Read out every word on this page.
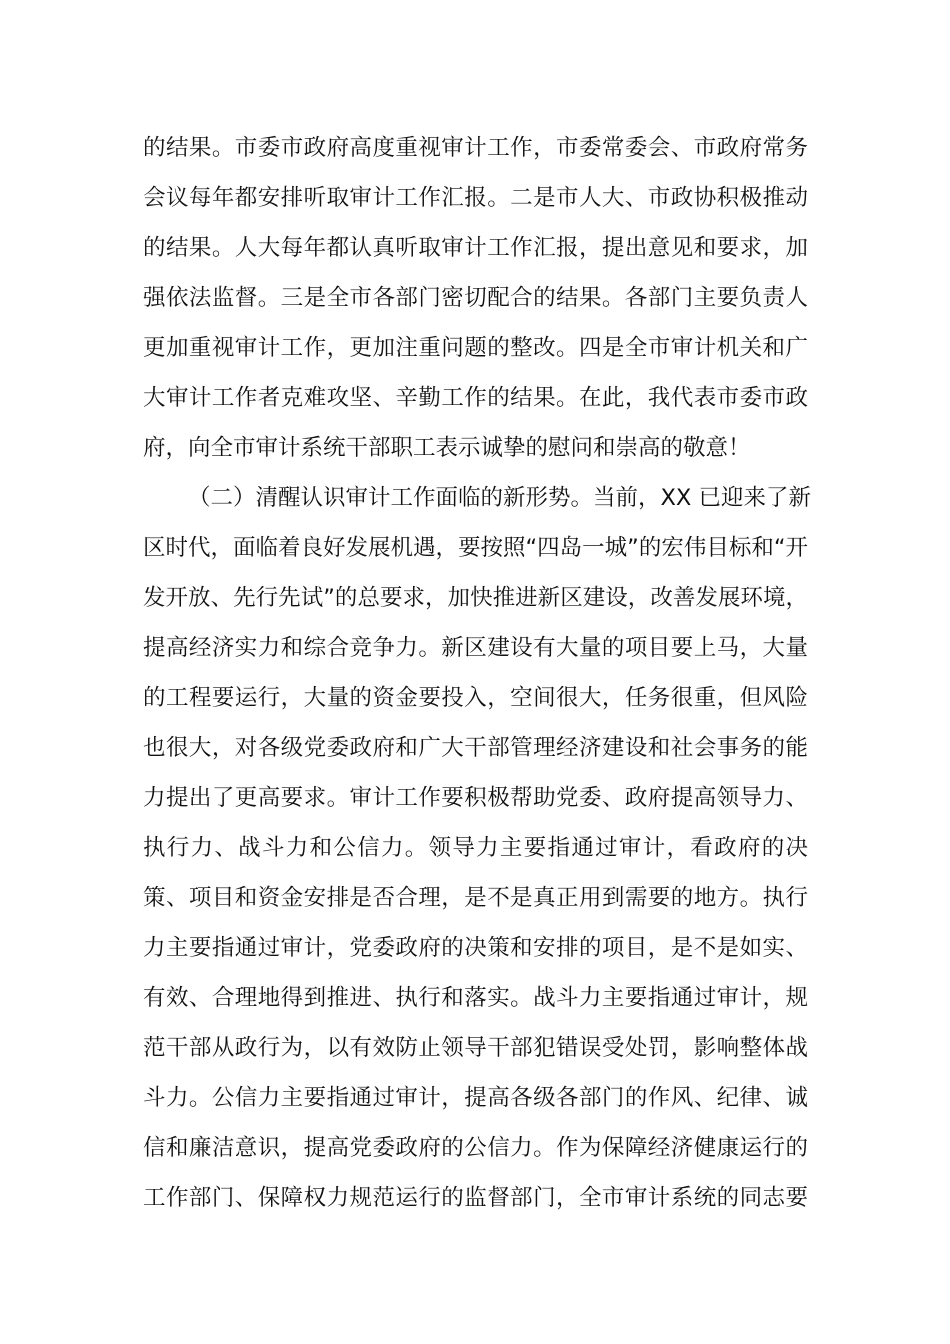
的结果。市委市政府高度重视审计工作，市委常委会、市政府常务
会议每年都安排听取审计工作汇报。二是市人大、市政协积极推动
的结果。人大每年都认真听取审计工作汇报，提出意见和要求，加
强依法监督。三是全市各部门密切配合的结果。各部门主要负责人
更加重视审计工作，更加注重问题的整改。四是全市审计机关和广
大审计工作者克难攻坚、辛勤工作的结果。在此，我代表市委市政
府，向全市审计系统干部职工表示诚挚的慰问和崇高的敬意！
（二）清醒认识审计工作面临的新形势。当前，XX 已迎来了新
区时代，面临着良好发展机遇，要按照“四岛一城”的宏伟目标和“开
发开放、先行先试”的总要求，加快推进新区建设，改善发展环境，
提高经济实力和综合竞争力。新区建设有大量的项目要上马，大量
的工程要运行，大量的资金要投入，空间很大，任务很重，但风险
也很大，对各级党委政府和广大干部管理经济建设和社会事务的能
力提出了更高要求。审计工作要积极帮助党委、政府提高领导力、
执行力、战斗力和公信力。领导力主要指通过审计，看政府的决
策、项目和资金安排是否合理，是不是真正用到需要的地方。执行
力主要指通过审计，党委政府的决策和安排的项目，是不是如实、
有效、合理地得到推进、执行和落实。战斗力主要指通过审计，规
范干部从政行为，以有效防止领导干部犯错误受处罚，影响整体战
斗力。公信力主要指通过审计，提高各级各部门的作风、纪律、诚
信和廉洁意识，提高党委政府的公信力。作为保障经济健康运行的
工作部门、保障权力规范运行的监督部门，全市审计系统的同志要
